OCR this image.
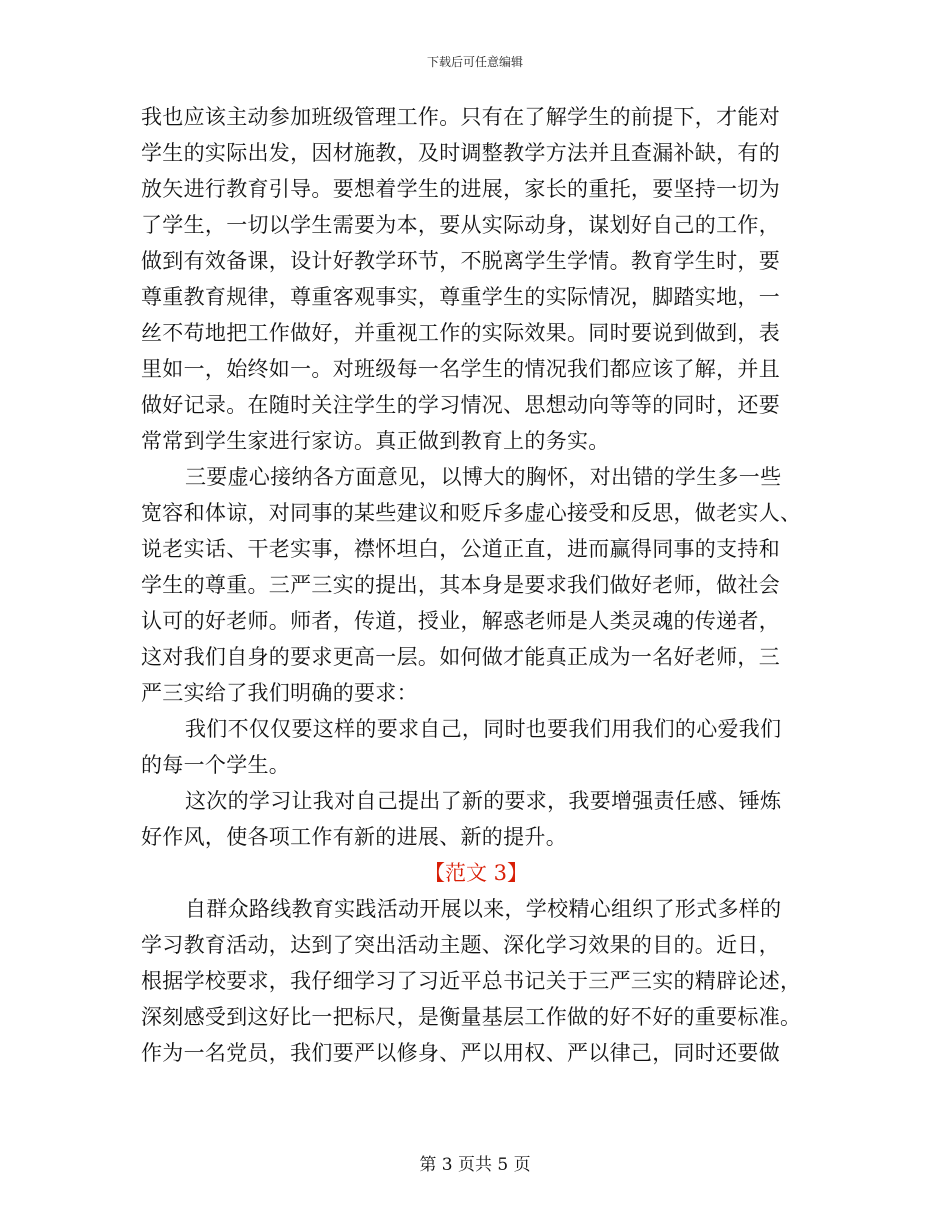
下载后可任意编辑
我也应该主动参加班级管理工作。只有在了解学生的前提下，才能对
学生的实际出发，因材施教，及时调整教学方法并且查漏补缺，有的
放矢进行教育引导。要想着学生的进展，家长的重托，要坚持一切为
了学生，一切以学生需要为本，要从实际动身，谋划好自己的工作，
做到有效备课，设计好教学环节，不脱离学生学情。教育学生时，要
尊重教育规律，尊重客观事实，尊重学生的实际情况，脚踏实地，一
丝不苟地把工作做好，并重视工作的实际效果。同时要说到做到，表
里如一，始终如一。对班级每一名学生的情况我们都应该了解，并且
做好记录。在随时关注学生的学习情况、思想动向等等的同时，还要
常常到学生家进行家访。真正做到教育上的务实。
三要虚心接纳各方面意见，以博大的胸怀，对出错的学生多一些
宽容和体谅，对同事的某些建议和贬斥多虚心接受和反思，做老实人、
说老实话、干老实事，襟怀坦白，公道正直，进而赢得同事的支持和
学生的尊重。三严三实的提出，其本身是要求我们做好老师，做社会
认可的好老师。师者，传道，授业，解惑老师是人类灵魂的传递者，
这对我们自身的要求更高一层。如何做才能真正成为一名好老师，三
严三实给了我们明确的要求：
我们不仅仅要这样的要求自己，同时也要我们用我们的心爱我们
的每一个学生。
这次的学习让我对自己提出了新的要求，我要增强责任感、锤炼
好作风，使各项工作有新的进展、新的提升。
【范文 3】
自群众路线教育实践活动开展以来，学校精心组织了形式多样的
学习教育活动，达到了突出活动主题、深化学习效果的目的。近日，
根据学校要求，我仔细学习了习近平总书记关于三严三实的精辟论述，
深刻感受到这好比一把标尺，是衡量基层工作做的好不好的重要标准。
作为一名党员，我们要严以修身、严以用权、严以律己，同时还要做
第 3 页共 5 页
